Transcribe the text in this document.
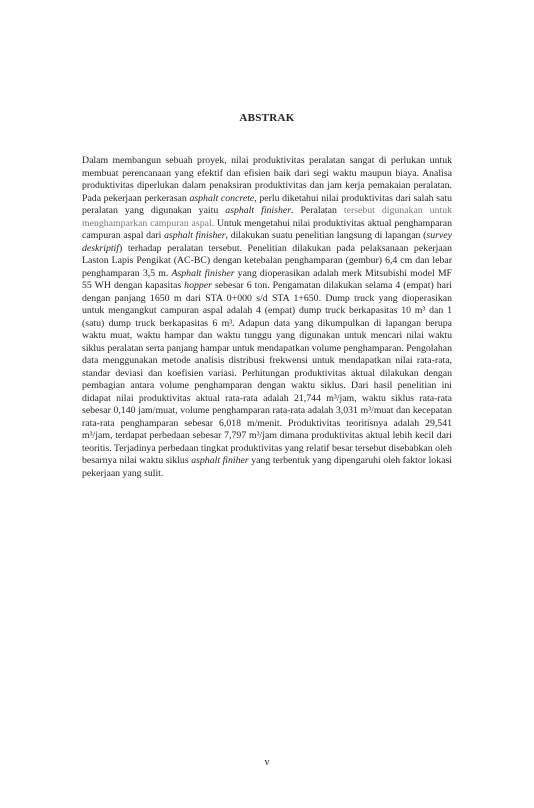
ABSTRAK

Dalam membangun sebuah proyek, nilai produktivitas peralatan sangat di perlukan untuk membuat perencanaan yang efektif dan efisien baik dari segi waktu maupun biaya. Analisa produktivitas diperlukan dalam penaksiran produktivitas dan jam kerja pemakaian peralatan. Pada pekerjaan perkerasan asphalt concrete, perlu diketahui nilai produktivitas dari salah satu peralatan yang digunakan yaitu asphalt finisher. Peralatan tersebut digunakan untuk menghamparkan campuran aspal. Untuk mengetahui nilai produktivitas aktual penghamparan campuran aspal dari asphalt finisher, dilakukan suatu penelitian langsung di lapangan (survey deskriptif) terhadap peralatan tersebut. Penelitian dilakukan pada pelaksanaan pekerjaan Laston Lapis Pengikat (AC-BC) dengan ketebalan penghamparan (gembur) 6,4 cm dan lebar penghamparan 3,5 m. Asphalt finisher yang dioperasikan adalah merk Mitsubishi model MF 55 WH dengan kapasitas hopper sebesar 6 ton. Pengamatan dilakukan selama 4 (empat) hari dengan panjang 1650 m dari STA 0+000 s/d STA 1+650. Dump truck yang dioperasikan untuk mengangkut campuran aspal adalah 4 (empat) dump truck berkapasitas 10 m³ dan 1 (satu) dump truck berkapasitas 6 m³. Adapun data yang dikumpulkan di lapangan berupa waktu muat, waktu hampar dan waktu tunggu yang digunakan untuk mencari nilai waktu siklus peralatan serta panjang hampar untuk mendapatkan volume penghamparan. Pengolahan data menggunakan metode analisis distribusi frekwensi untuk mendapatkan nilai rata-rata, standar deviasi dan koefisien variasi. Perhitungan produktivitas aktual dilakukan dengan pembagian antara volume penghamparan dengan waktu siklus. Dari hasil penelitian ini didapat nilai produktivitas aktual rata-rata adalah 21,744 m³/jam, waktu siklus rata-rata sebesar 0,140 jam/muat, volume penghamparan rata-rata adalah 3,031 m³/muat dan kecepatan rata-rata penghamparan sebesar 6,018 m/menit. Produktivitas teoritisnya adalah 29,541 m³/jam, terdapat perbedaan sebesar 7,797 m³/jam dimana produktivitas aktual lebih kecil dari teoritis. Terjadinya perbedaan tingkat produktivitas yang relatif besar tersebut disebabkan oleh besarnya nilai waktu siklus asphalt finiher yang terbentuk yang dipengaruhi oleh faktor lokasi pekerjaan yang sulit.

v
